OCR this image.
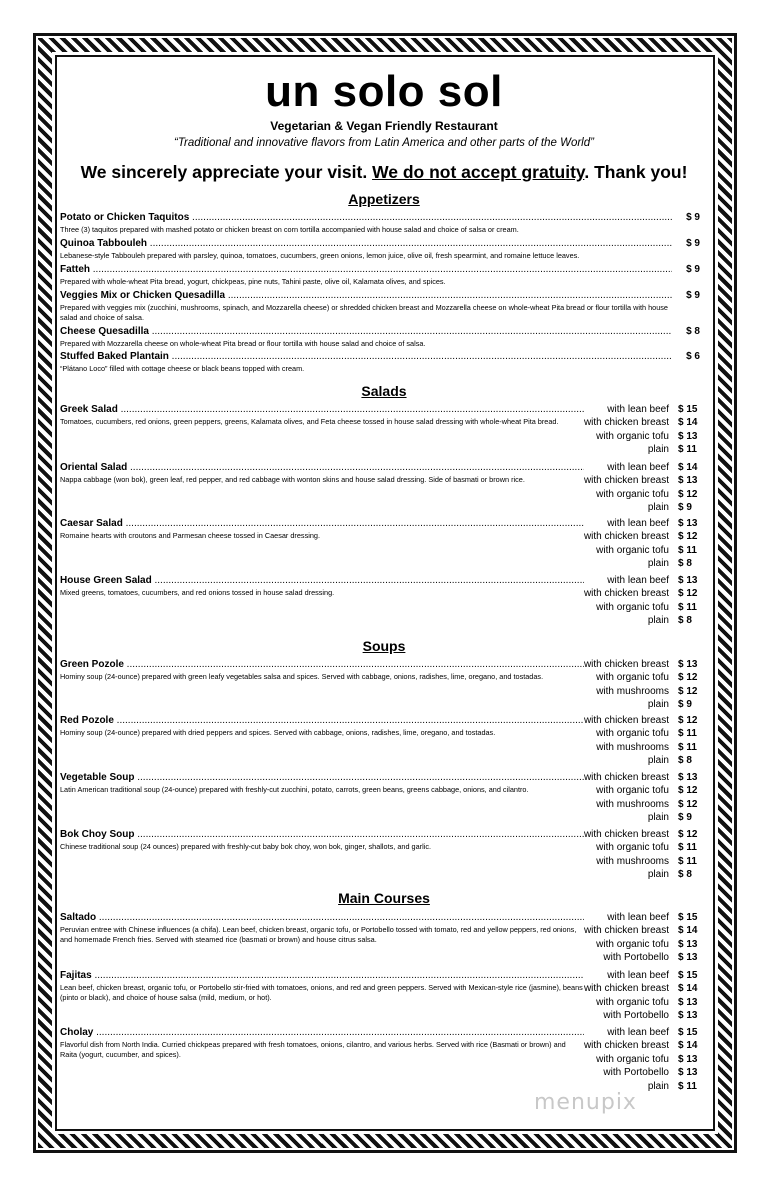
un solo sol
Vegetarian & Vegan Friendly Restaurant
“Traditional and innovative flavors from Latin America and other parts of the World”
We sincerely appreciate your visit. We do not accept gratuity. Thank you!
Appetizers
Salads
Soups
Main Courses
Potato or Chicken Taquitos .....
Three (3) taquitos prepared with mashed potato or chicken breast on corn tortilla accompanied with house salad and choice of salsa or cream.
$ 9
Quinoa Tabbouleh .....
Lebanese-style Tabbouleh prepared with parsley, quinoa, tomatoes, cucumbers, green onions, lemon juice, olive oil, fresh spearmint, and romaine lettuce leaves.
$ 9
Fatteh .....
Prepared with whole-wheat Pita bread, yogurt, chickpeas, pine nuts, Tahini paste, olive oil, Kalamata olives, and spices.
$ 9
Veggies Mix or Chicken Quesadilla .....
Prepared with veggies mix (zucchini, mushrooms, spinach, and Mozzarella cheese) or shredded chicken breast and Mozzarella cheese on whole-wheat Pita bread or flour tortilla with house salad and choice of salsa.
$ 9
Cheese Quesadilla .....
Prepared with Mozzarella cheese on whole-wheat Pita bread or flour tortilla with house salad and choice of salsa.
$ 8
Stuffed Baked Plantain .....
“Plátano Loco” filled with cottage cheese or black beans topped with cream.
$ 6
Greek Salad .....
Tomatoes, cucumbers, red onions, green peppers, greens, Kalamata olives, and Feta cheese tossed in house salad dressing with whole-wheat Pita bread.
with lean beef $ 15
with chicken breast $ 14
with organic tofu $ 13
plain $ 11
Oriental Salad .....
Nappa cabbage (won bok), green leaf, red pepper, and red cabbage with wonton skins and house salad dressing. Side of basmati or brown rice.
with lean beef $ 14
with chicken breast $ 13
with organic tofu $ 12
plain $ 9
Caesar Salad .....
Romaine hearts with croutons and Parmesan cheese tossed in Caesar dressing.
with lean beef $ 13
with chicken breast $ 12
with organic tofu $ 11
plain $ 8
House Green Salad .....
Mixed greens, tomatoes, cucumbers, and red onions tossed in house salad dressing.
with lean beef $ 13
with chicken breast $ 12
with organic tofu $ 11
plain $ 8
Green Pozole .....
Hominy soup (24-ounce) prepared with green leafy vegetables salsa and spices. Served with cabbage, onions, radishes, lime, oregano, and tostadas.
with chicken breast $ 13
with organic tofu $ 12
with mushrooms $ 12
plain $ 9
Red Pozole .....
Hominy soup (24-ounce) prepared with dried peppers and spices. Served with cabbage, onions, radishes, lime, oregano, and tostadas.
with chicken breast $ 12
with organic tofu $ 11
with mushrooms $ 11
plain $ 8
Vegetable Soup .....
Latin American traditional soup (24-ounce) prepared with freshly-cut zucchini, potato, carrots, green beans, greens cabbage, onions, and cilantro.
with chicken breast $ 13
with organic tofu $ 12
with mushrooms $ 12
plain $ 9
Bok Choy Soup .....
Chinese traditional soup (24 ounces) prepared with freshly-cut baby bok choy, won bok, ginger, shallots, and garlic.
with chicken breast $ 12
with organic tofu $ 11
with mushrooms $ 11
plain $ 8
Saltado .....
Peruvian entree with Chinese influences (a chifa). Lean beef, chicken breast, organic tofu, or Portobello tossed with tomato, red and yellow peppers, red onions, and homemade French fries. Served with steamed rice (basmati or brown) and house citrus salsa.
with lean beef $ 15
with chicken breast $ 14
with organic tofu $ 13
with Portobello $ 13
Fajitas .....
Lean beef, chicken breast, organic tofu, or Portobello stir-fried with tomatoes, onions, and red and green peppers. Served with Mexican-style rice (jasmine), beans (pinto or black), and choice of house salsa (mild, medium, or hot).
with lean beef $ 15
with chicken breast $ 14
with organic tofu $ 13
with Portobello $ 13
Cholay .....
Flavorful dish from North India. Curried chickpeas prepared with fresh tomatoes, onions, cilantro, and various herbs. Served with rice (Basmati or brown) and Raita (yogurt, cucumber, and spices).
with lean beef $ 15
with chicken breast $ 14
with organic tofu $ 13
with Portobello $ 13
plain $ 11
menupix
